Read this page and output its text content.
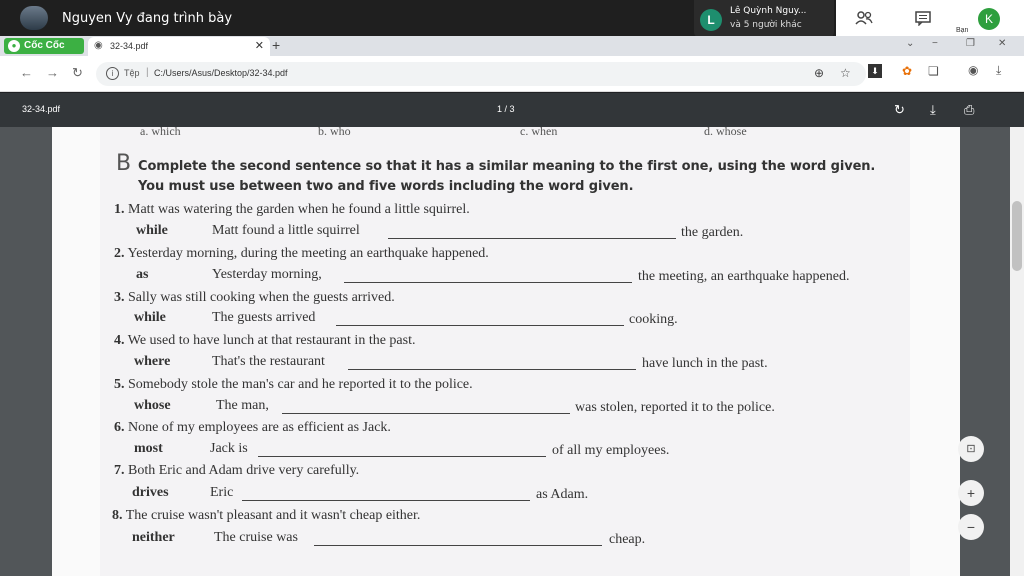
Nguyen Vy đang trình bày	L
Lê Quỳnh Nguy...
và 5 người khác	K
Bạn
● Cốc Cốc	◉ 32-34.pdf	✕ +	⌄ −	❐ ✕
← → ↻	i	Tệp | C:/Users/Asus/Desktop/32-34.pdf	⊕ ☆	⬇ ✿ ❏ ◉ ⤓
32-34.pdf	1 / 3	↻ ⤓ ⎙
a. which	b. who	c. when	d. whose
B Complete the second sentence so that it has a similar meaning to the first one, using the word given.
You must use between two and five words including the word given.
1. Matt was watering the garden when he found a little squirrel.
while	Matt found a little squirrel	the garden.
2. Yesterday morning, during the meeting an earthquake happened.
as	Yesterday morning,	the meeting, an earthquake happened.
3. Sally was still cooking when the guests arrived.
while	The guests arrived	cooking.
4. We used to have lunch at that restaurant in the past.
where	That's the restaurant	have lunch in the past.
5. Somebody stole the man's car and he reported it to the police.
whose	The man,	was stolen, reported it to the police.
6. None of my employees are as efficient as Jack.
most	Jack is	of all my employees.
7. Both Eric and Adam drive very carefully.
drives	Eric	as Adam.
8. The cruise wasn't pleasant and it wasn't cheap either.
neither	The cruise was	cheap.
⊡
+
−
